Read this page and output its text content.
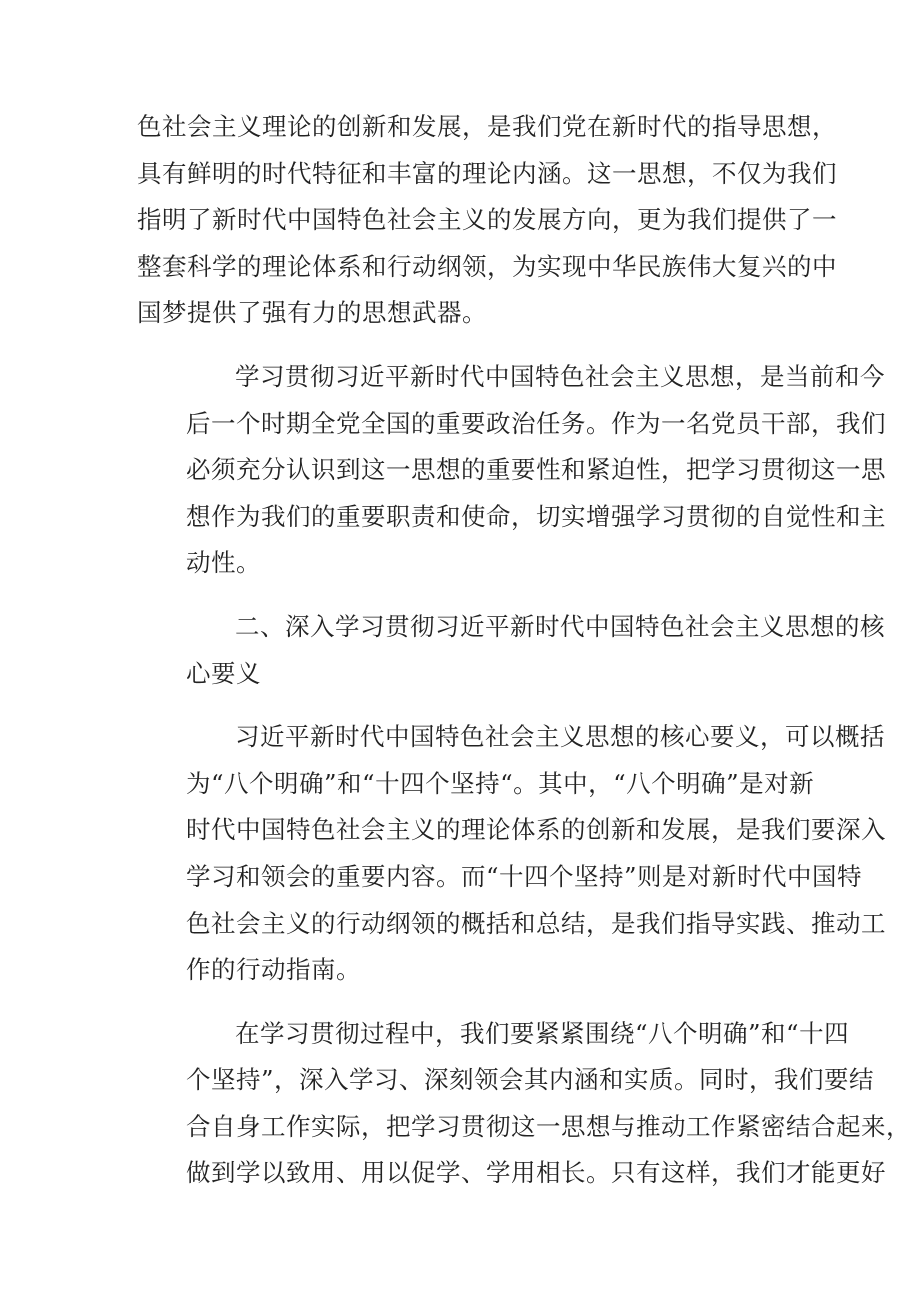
色社会主义理论的创新和发展，是我们党在新时代的指导思想，
具有鲜明的时代特征和丰富的理论内涵。这一思想，不仅为我们
指明了新时代中国特色社会主义的发展方向，更为我们提供了一
整套科学的理论体系和行动纲领，为实现中华民族伟大复兴的中
国梦提供了强有力的思想武器。
学习贯彻习近平新时代中国特色社会主义思想，是当前和今
后一个时期全党全国的重要政治任务。作为一名党员干部，我们
必须充分认识到这一思想的重要性和紧迫性，把学习贯彻这一思
想作为我们的重要职责和使命，切实增强学习贯彻的自觉性和主
动性。
二、深入学习贯彻习近平新时代中国特色社会主义思想的核
心要义
习近平新时代中国特色社会主义思想的核心要义，可以概括
为“八个明确”和“十四个坚持“。其中，“八个明确”是对新
时代中国特色社会主义的理论体系的创新和发展，是我们要深入
学习和领会的重要内容。而“十四个坚持”则是对新时代中国特
色社会主义的行动纲领的概括和总结，是我们指导实践、推动工
作的行动指南。
在学习贯彻过程中，我们要紧紧围绕“八个明确”和“十四
个坚持”，深入学习、深刻领会其内涵和实质。同时，我们要结
合自身工作实际，把学习贯彻这一思想与推动工作紧密结合起来，
做到学以致用、用以促学、学用相长。只有这样，我们才能更好
